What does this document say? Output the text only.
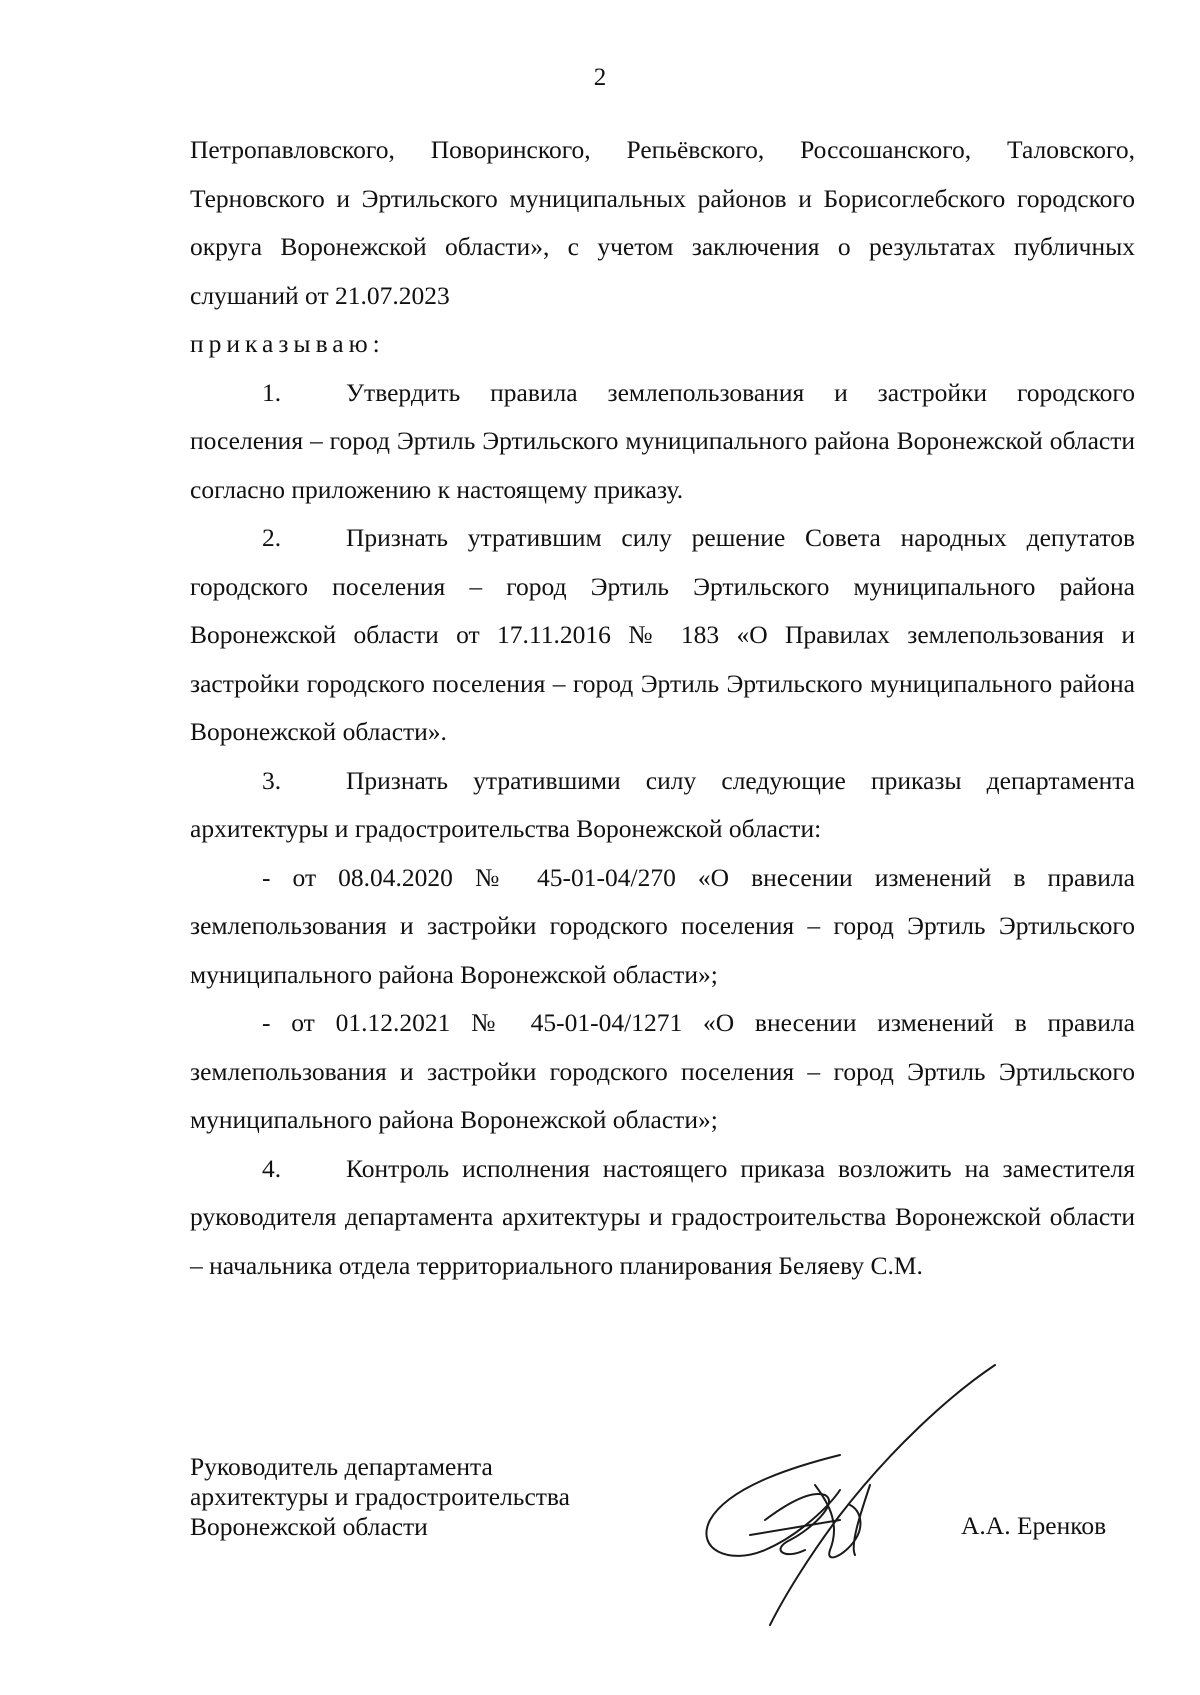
2

Петропавловского, Поворинского, Репьёвского, Россошанского, Таловского, Терновского и Эртильского муниципальных районов и Борисоглебского городского округа Воронежской области», с учетом заключения о результатах публичных слушаний от 21.07.2023

приказываю:

1.	Утвердить правила землепользования и застройки городского поселения – город Эртиль Эртильского муниципального района Воронежской области согласно приложению к настоящему приказу.

2.	Признать утратившим силу решение Совета народных депутатов городского поселения – город Эртиль Эртильского муниципального района Воронежской области от 17.11.2016 № 183 «О Правилах землепользования и застройки городского поселения – город Эртиль Эртильского муниципального района Воронежской области».

3.	Признать утратившими силу следующие приказы департамента архитектуры и градостроительства Воронежской области:

- от 08.04.2020 № 45-01-04/270 «О внесении изменений в правила землепользования и застройки городского поселения – город Эртиль Эртильского муниципального района Воронежской области»;

- от 01.12.2021 № 45-01-04/1271 «О внесении изменений в правила землепользования и застройки городского поселения – город Эртиль Эртильского муниципального района Воронежской области»;

4.	Контроль исполнения настоящего приказа возложить на заместителя руководителя департамента архитектуры и градостроительства Воронежской области – начальника отдела территориального планирования Беляеву С.М.

Руководитель департамента
архитектуры и градостроительства
Воронежской области	А.А. Еренков
